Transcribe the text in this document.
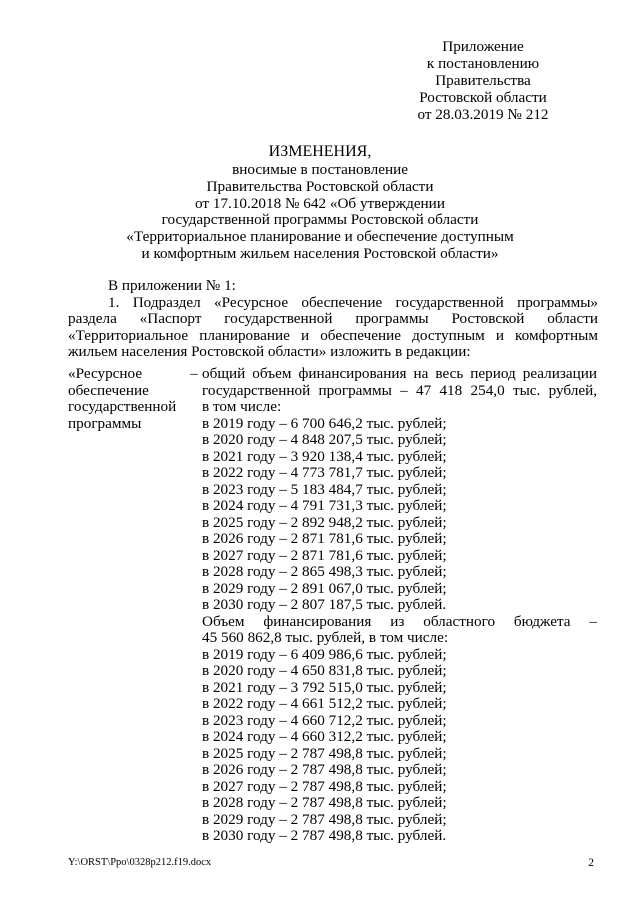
Приложение
к постановлению
Правительства
Ростовской области
от 28.03.2019 № 212
ИЗМЕНЕНИЯ,
вносимые в постановление
Правительства Ростовской области
от 17.10.2018 № 642 «Об утверждении
государственной программы Ростовской области
«Территориальное планирование и обеспечение доступным
и комфортным жильем населения Ростовской области»
В приложении № 1:
1. Подраздел «Ресурсное обеспечение государственной программы»
раздела «Паспорт государственной программы Ростовской области
«Территориальное планирование и обеспечение доступным и комфортным
жильем населения Ростовской области» изложить в редакции:
«Ресурсное
обеспечение
государственной
программы
– общий объем финансирования на весь период реализации
государственной программы – 47 418 254,0 тыс. рублей,
в том числе:
в 2019 году – 6 700 646,2 тыс. рублей;
в 2020 году – 4 848 207,5 тыс. рублей;
в 2021 году – 3 920 138,4 тыс. рублей;
в 2022 году – 4 773 781,7 тыс. рублей;
в 2023 году – 5 183 484,7 тыс. рублей;
в 2024 году – 4 791 731,3 тыс. рублей;
в 2025 году – 2 892 948,2 тыс. рублей;
в 2026 году – 2 871 781,6 тыс. рублей;
в 2027 году – 2 871 781,6 тыс. рублей;
в 2028 году – 2 865 498,3 тыс. рублей;
в 2029 году – 2 891 067,0 тыс. рублей;
в 2030 году – 2 807 187,5 тыс. рублей.
Объем финансирования из областного бюджета –
45 560 862,8 тыс. рублей, в том числе:
в 2019 году – 6 409 986,6 тыс. рублей;
в 2020 году – 4 650 831,8 тыс. рублей;
в 2021 году – 3 792 515,0 тыс. рублей;
в 2022 году – 4 661 512,2 тыс. рублей;
в 2023 году – 4 660 712,2 тыс. рублей;
в 2024 году – 4 660 312,2 тыс. рублей;
в 2025 году – 2 787 498,8 тыс. рублей;
в 2026 году – 2 787 498,8 тыс. рублей;
в 2027 году – 2 787 498,8 тыс. рублей;
в 2028 году – 2 787 498,8 тыс. рублей;
в 2029 году – 2 787 498,8 тыс. рублей;
в 2030 году – 2 787 498,8 тыс. рублей.
Y:\ORST\Ppo\0328p212.f19.docx	2
